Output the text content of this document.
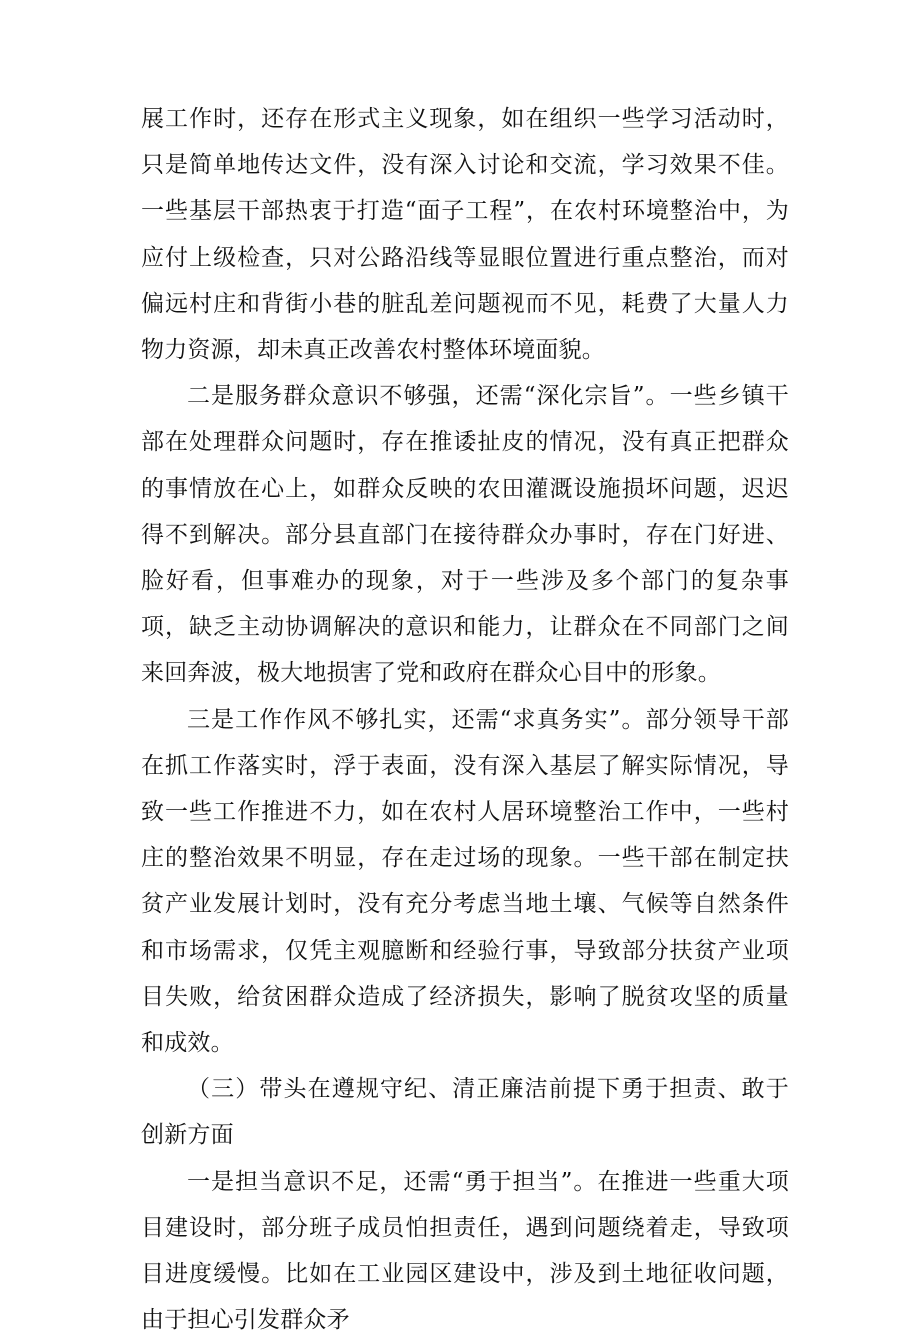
展工作时，还存在形式主义现象，如在组织一些学习活动时，只是简单地传达文件，没有深入讨论和交流，学习效果不佳。一些基层干部热衷于打造“面子工程”，在农村环境整治中，为应付上级检查，只对公路沿线等显眼位置进行重点整治，而对偏远村庄和背街小巷的脏乱差问题视而不见，耗费了大量人力物力资源，却未真正改善农村整体环境面貌。

二是服务群众意识不够强，还需“深化宗旨”。一些乡镇干部在处理群众问题时，存在推诿扯皮的情况，没有真正把群众的事情放在心上，如群众反映的农田灌溉设施损坏问题，迟迟得不到解决。部分县直部门在接待群众办事时，存在门好进、脸好看，但事难办的现象，对于一些涉及多个部门的复杂事项，缺乏主动协调解决的意识和能力，让群众在不同部门之间来回奔波，极大地损害了党和政府在群众心目中的形象。

三是工作作风不够扎实，还需“求真务实”。部分领导干部在抓工作落实时，浮于表面，没有深入基层了解实际情况，导致一些工作推进不力，如在农村人居环境整治工作中，一些村庄的整治效果不明显，存在走过场的现象。一些干部在制定扶贫产业发展计划时，没有充分考虑当地土壤、气候等自然条件和市场需求，仅凭主观臆断和经验行事，导致部分扶贫产业项目失败，给贫困群众造成了经济损失，影响了脱贫攻坚的质量和成效。

（三）带头在遵规守纪、清正廉洁前提下勇于担责、敢于创新方面

一是担当意识不足，还需“勇于担当”。在推进一些重大项目建设时，部分班子成员怕担责任，遇到问题绕着走，导致项目进度缓慢。比如在工业园区建设中，涉及到土地征收问题，由于担心引发群众矛
